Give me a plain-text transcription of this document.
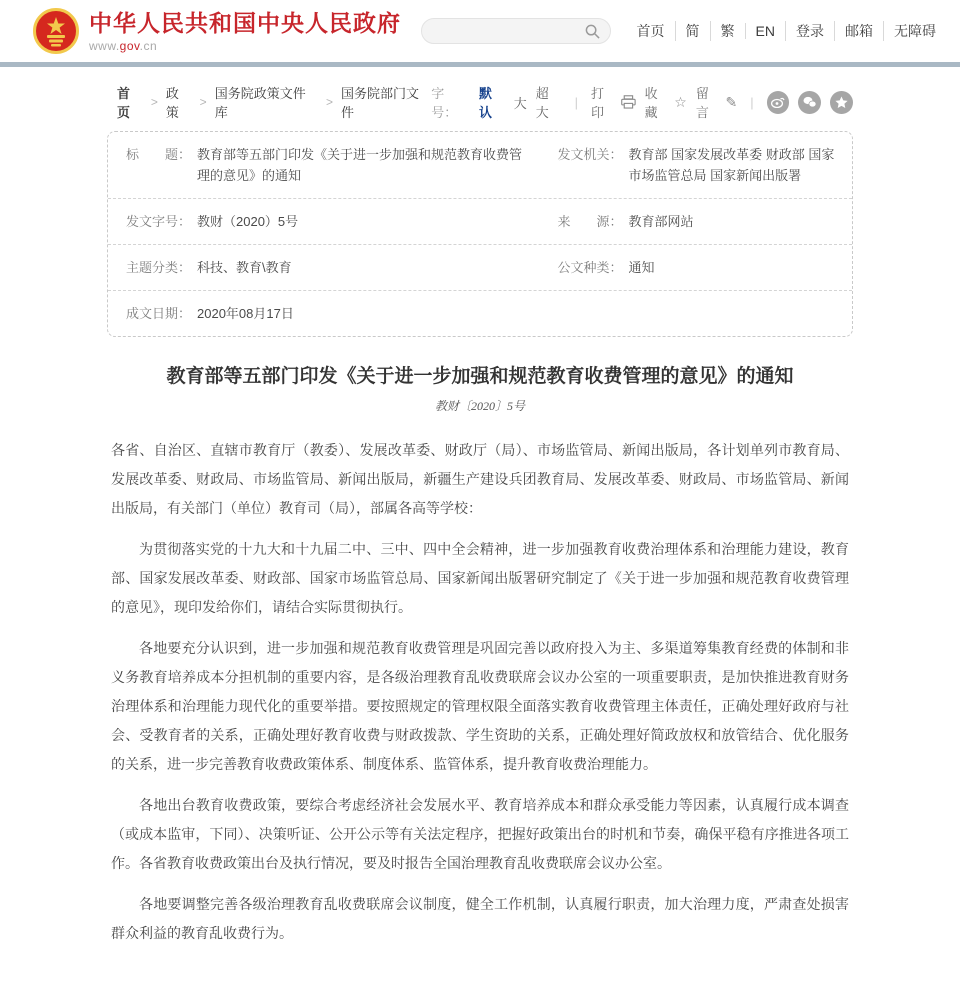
中华人民共和国中央人民政府
www.gov.cn
首页	简	繁	EN	登录	邮箱	无障碍
首页
>
政策
>
国务院政策文件库
>
国务院部门文件
字号：
默认
大
超大
|
打印
收藏
☆ 留言
✎	|
标　　题： 教育部等五部门印发《关于进一步加强和规范教育收费管理的意见》的通知
发文机关： 教育部 国家发展改革委 财政部 国家市场监管总局 国家新闻出版署
发文字号： 教财（2020）5号	来　　源： 教育部网站
主题分类： 科技、教育\教育	公文种类： 通知
成文日期： 2020年08月17日
教育部等五部门印发《关于进一步加强和规范教育收费管理的意见》的通知
教财〔2020〕5号

各省、自治区、直辖市教育厅（教委）、发展改革委、财政厅（局）、市场监管局、新闻出版局，各计划单列市教育局、发展改革委、财政局、市场监管局、新闻出版局，新疆生产建设兵团教育局、发展改革委、财政局、市场监管局、新闻出版局，有关部门（单位）教育司（局），部属各高等学校：

为贯彻落实党的十九大和十九届二中、三中、四中全会精神，进一步加强教育收费治理体系和治理能力建设，教育部、国家发展改革委、财政部、国家市场监管总局、国家新闻出版署研究制定了《关于进一步加强和规范教育收费管理的意见》，现印发给你们，请结合实际贯彻执行。

各地要充分认识到，进一步加强和规范教育收费管理是巩固完善以政府投入为主、多渠道筹集教育经费的体制和非义务教育培养成本分担机制的重要内容，是各级治理教育乱收费联席会议办公室的一项重要职责，是加快推进教育财务治理体系和治理能力现代化的重要举措。要按照规定的管理权限全面落实教育收费管理主体责任，正确处理好政府与社会、受教育者的关系，正确处理好教育收费与财政拨款、学生资助的关系，正确处理好简政放权和放管结合、优化服务的关系，进一步完善教育收费政策体系、制度体系、监管体系，提升教育收费治理能力。

各地出台教育收费政策，要综合考虑经济社会发展水平、教育培养成本和群众承受能力等因素，认真履行成本调查（或成本监审，下同）、决策听证、公开公示等有关法定程序，把握好政策出台的时机和节奏，确保平稳有序推进各项工作。各省教育收费政策出台及执行情况，要及时报告全国治理教育乱收费联席会议办公室。

各地要调整完善各级治理教育乱收费联席会议制度，健全工作机制，认真履行职责，加大治理力度，严肃查处损害群众利益的教育乱收费行为。
